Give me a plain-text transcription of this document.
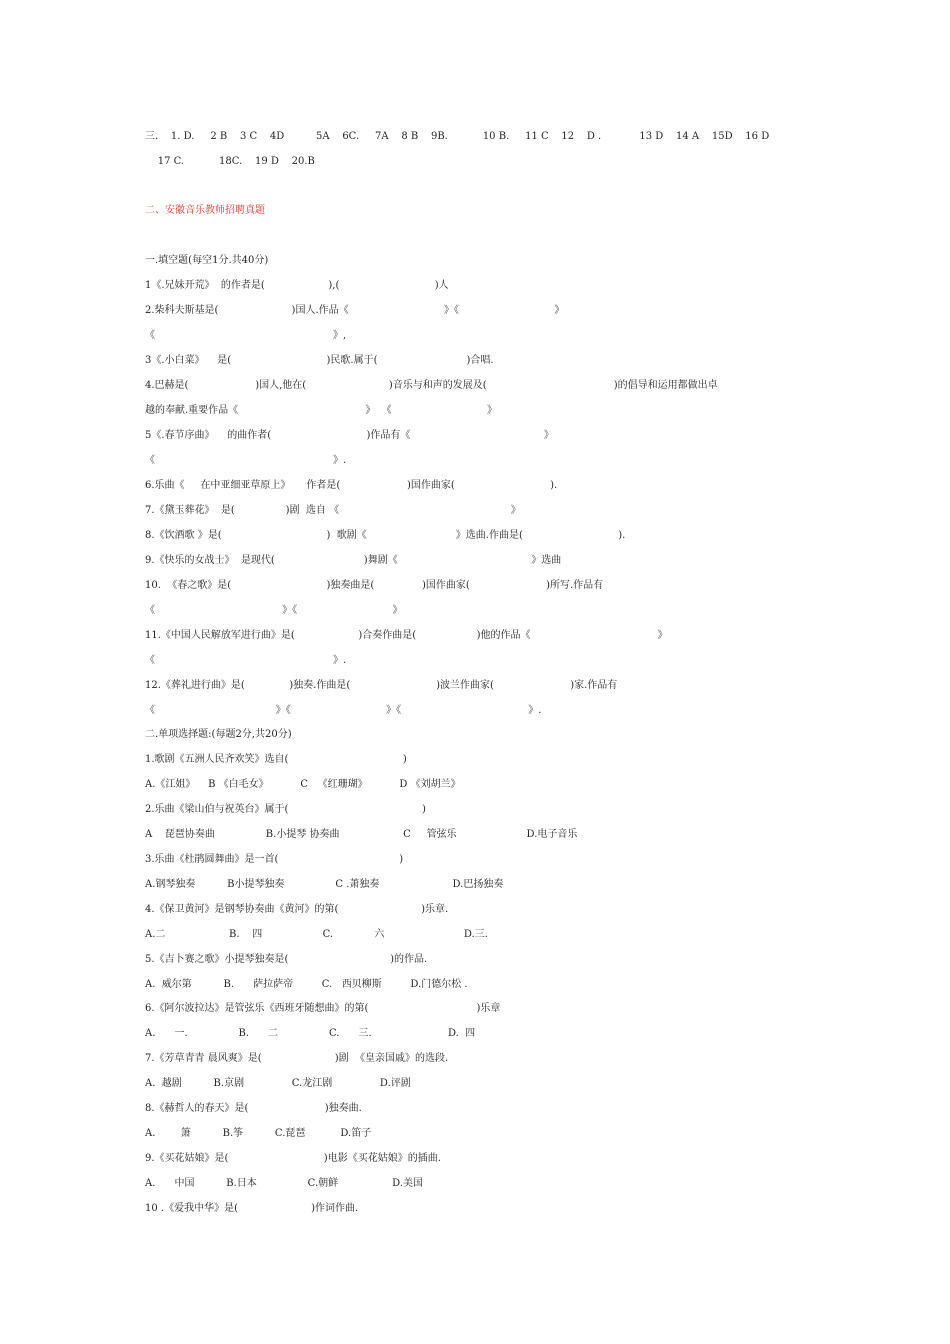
三.    1. D.     2 B    3 C    4D          5A    6C.     7A    8 B    9B.           10 B.     11 C    12    D .            13 D    14 A    15D    16 D
17 C.           18C.    19 D    20.B
二、安徽音乐教师招聘真题
一.填空题(每空1分.共40分)
1《.兄妹开荒》  的作者是(                    ),(                              )人
2.柴科夫斯基是(                       )国人.作品《                              》《                              》
《                                                        》,
3《.小白菜》    是(                              )民歌.属于(                            )合唱.
4.巴赫是(                     )国人,他在(                          )音乐与和声的发展及(                                        )的倡导和运用都做出卓
越的奉献.重要作品《                                        》  《                              》
5《.春节序曲》    的曲作者(                              )作品有《                                          》
《                                                        》.
6.乐曲《     在中亚细亚草原上》     作者是(                     )国作曲家(                              ).
7.《黛玉葬花》  是(                )剧  选自 《                                                      》
8.《饮酒歌 》是(                                 )  歌剧《                            》选曲.作曲是(                              ).
9.《快乐的女战士》  是现代(                            )舞剧《                                          》选曲
10.  《春之歌》是(                              )独奏曲是(               )国作曲家(                        )所写.作品有
《                                        》《                              》
11.《中国人民解放军进行曲》是(                    )合奏作曲是(                   )他的作品《                                        》
《                                                        》.
12.《葬礼进行曲》是(              )独奏.作曲是(                           )波兰作曲家(                        )家.作品有
《                                      》《                              》《                                        》.
二.单项选择题:(每题2分,共20分)
1.歌剧《五洲人民齐欢笑》选自(                                    )
A.《江姐》    B 《白毛女》          C   《红珊瑚》          D 《刘胡兰》
2.乐曲《梁山伯与祝英台》属于(                                          )
A    琵琶协奏曲                B.小提琴 协奏曲                    C     管弦乐                      D.电子音乐
3.乐曲《杜鹃圆舞曲》是一首(                                      )
A.钢琴独奏          B小提琴独奏                C .萧独奏                       D.巴扬独奏
4.《保卫黄河》是钢琴协奏曲《黄河》的第(                          )乐章.
A.二                    B.    四                   C.             六                         D.三.
5.《吉卜赛之歌》小提琴独奏是(                                )的作品.
A.  威尔第          B.      萨拉萨帝         C.   西贝柳斯         D.门德尔松 .
6.《阿尔波拉达》是管弦乐《西班牙随想曲》的第(                                  )乐章
A.      一.                B.      二                C.      三.                        D.  四
7.《芳草青青 晨风爽》是(                       )剧  《皇亲国戚》的选段.
A.  越剧          B.京剧               C.龙江剧               D.评剧
8.《赫哲人的春天》是(                        )独奏曲.
A.        箫          B.筝          C.琵琶           D.笛子
9.《买花姑娘》是(                              )电影《买花姑娘》的插曲.
A.      中国          B.日本                C.朝鲜                 D.美国
10 .《爱我中华》是(                       )作词作曲.
